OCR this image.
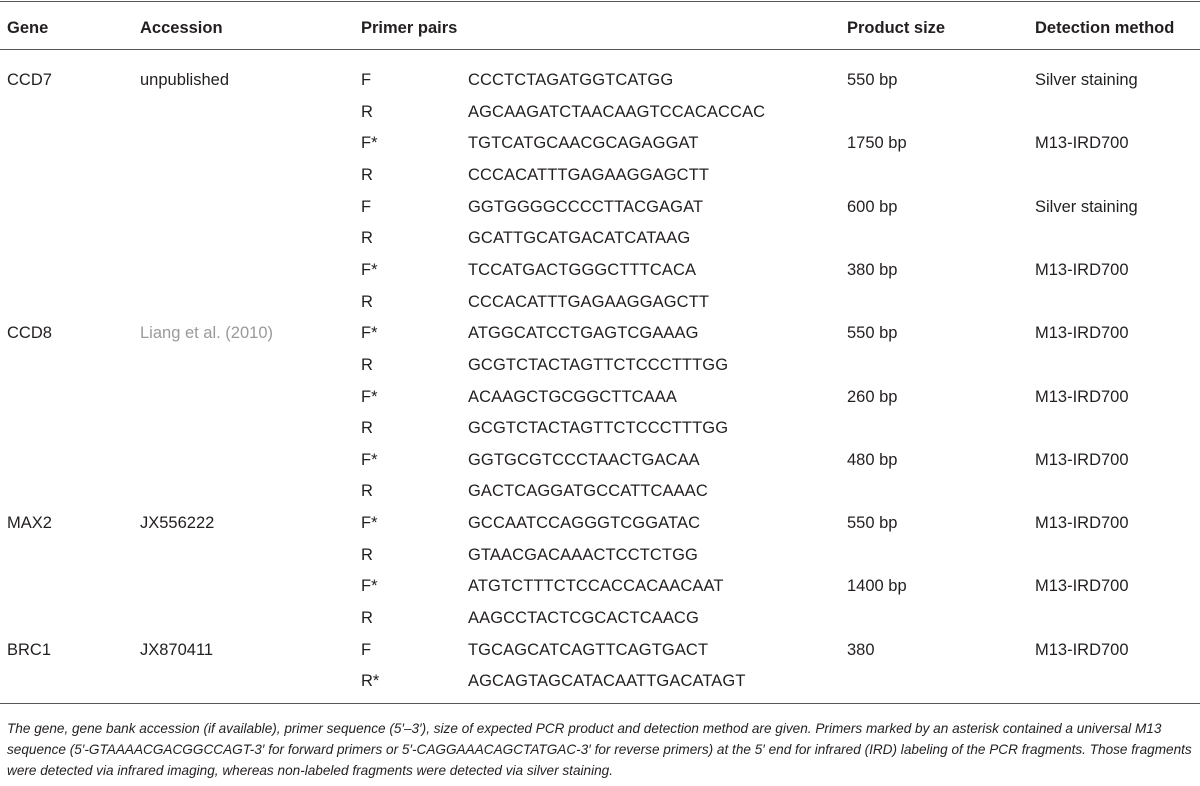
Gene	Accession	Primer pairs	Product size	Detection method
CCD7	unpublished	F	CCCTCTAGATGGTCATGG	550 bp	Silver staining
R	AGCAAGATCTAACAAGTCCACACCAC
F*	TGTCATGCAACGCAGAGGAT	1750 bp	M13-IRD700
R	CCCACATTTGAGAAGGAGCTT
F	GGTGGGGCCCCTTACGAGAT	600 bp	Silver staining
R	GCATTGCATGACATCATAAG
F*	TCCATGACTGGGCTTTCACA	380 bp	M13-IRD700
R	CCCACATTTGAGAAGGAGCTT
CCD8	Liang et al. (2010)	F*	ATGGCATCCTGAGTCGAAAG	550 bp	M13-IRD700
R	GCGTCTACTAGTTCTCCCTTTGG
F*	ACAAGCTGCGGCTTCAAA	260 bp	M13-IRD700
R	GCGTCTACTAGTTCTCCCTTTGG
F*	GGTGCGTCCCTAACTGACAA	480 bp	M13-IRD700
R	GACTCAGGATGCCATTCAAAC
MAX2	JX556222	F*	GCCAATCCAGGGTCGGATAC	550 bp	M13-IRD700
R	GTAACGACAAACTCCTCTGG
F*	ATGTCTTTCTCCACCACAACAAT	1400 bp	M13-IRD700
R	AAGCCTACTCGCACTCAACG
BRC1	JX870411	F	TGCAGCATCAGTTCAGTGACT	380	M13-IRD700
R*	AGCAGTAGCATACAATTGACATAGT
The gene, gene bank accession (if available), primer sequence (5′–3′), size of expected PCR product and detection method are given. Primers marked by an asterisk contained a universal M13 sequence (5′-GTAAAACGACGGCCAGT-3′ for forward primers or 5′-CAGGAAACAGCTATGAC-3′ for reverse primers) at the 5′ end for infrared (IRD) labeling of the PCR fragments. Those fragments were detected via infrared imaging, whereas non-labeled fragments were detected via silver staining.
